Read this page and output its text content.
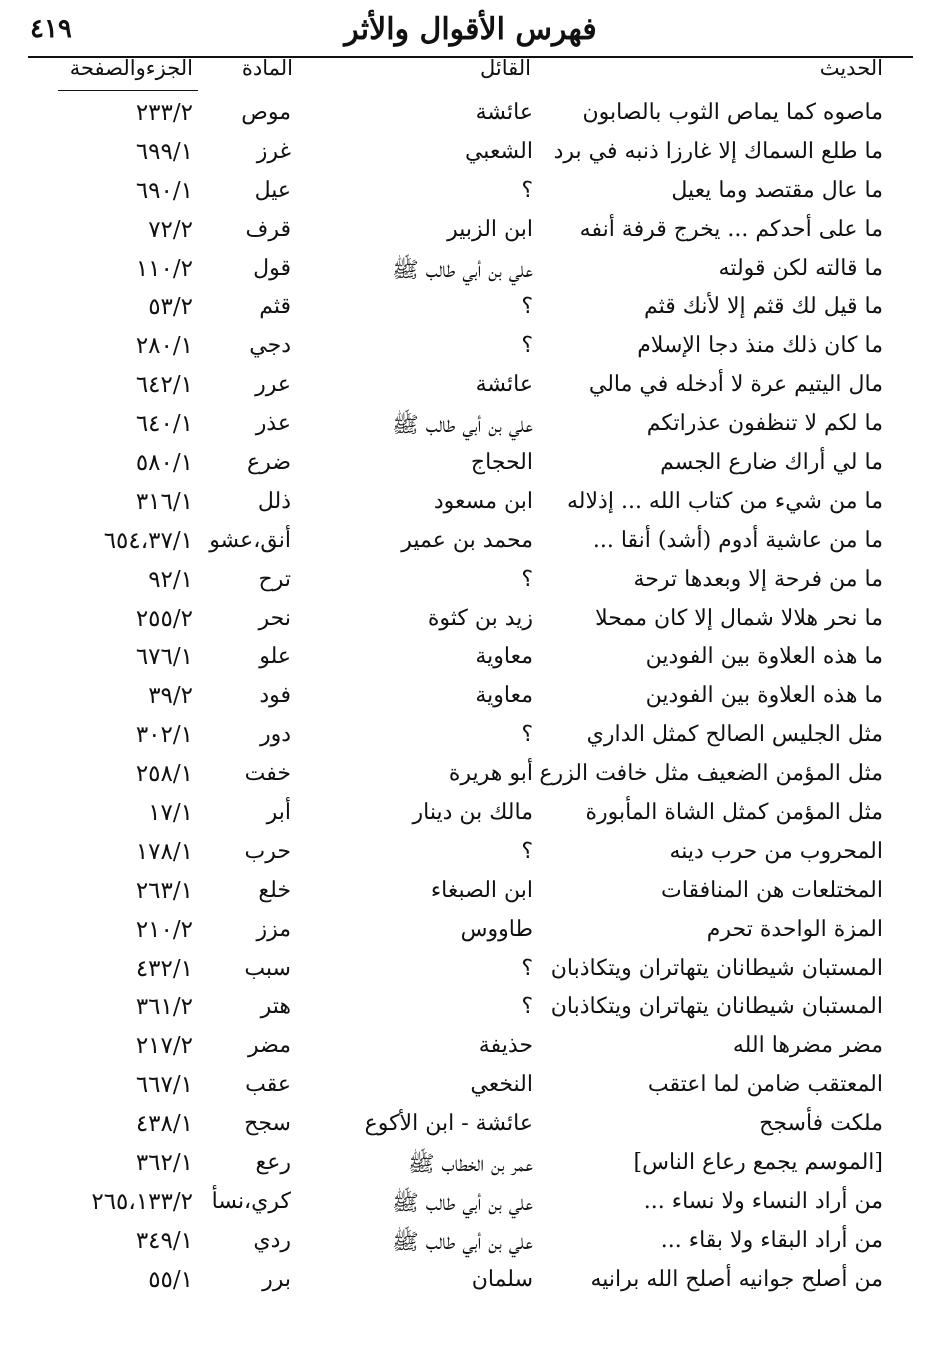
٤١٩	فهرس الأقوال والأثر
الحديث
القائل
المادة
الجزءوالصفحة
ماصوه كما يماص الثوب بالصابون
عائشة
موص
٢٣٣/٢
ما طلع السماك إلا غارزا ذنبه في برد
الشعبي
غرز
٦٩٩/١
ما عال مقتصد وما يعيل
؟
عيل
٦٩٠/١
ما على أحدكم ... يخرج قرفة أنفه
ابن الزبير
قرف
٧٢/٢
ما قالته لكن قولته
علي بن أبي طالب ﷺ
قول
١١٠/٢
ما قيل لك قثم إلا لأنك قثم
؟
قثم
٥٣/٢
ما كان ذلك منذ دجا الإسلام
؟
دجي
٢٨٠/١
مال اليتيم عرة لا أدخله في مالي
عائشة
عرر
٦٤٢/١
ما لكم لا تنظفون عذراتكم
علي بن أبي طالب ﷺ
عذر
٦٤٠/١
ما لي أراك ضارع الجسم
الحجاج
ضرع
٥٨٠/١
ما من شيء من كتاب الله ... إذلاله
ابن مسعود
ذلل
٣١٦/١
ما من عاشية أدوم (أشد) أنقا ...
محمد بن عمير
أنق،عشو
٦٥٤،٣٧/١
ما من فرحة إلا وبعدها ترحة
؟
ترح
٩٢/١
ما نحر هلالا شمال إلا كان ممحلا
زيد بن كثوة
نحر
٢٥٥/٢
ما هذه العلاوة بين الفودين
معاوية
علو
٦٧٦/١
ما هذه العلاوة بين الفودين
معاوية
فود
٣٩/٢
مثل الجليس الصالح كمثل الداري
؟
دور
٣٠٢/١
مثل المؤمن الضعيف مثل خافت الزرع
أبو هريرة
خفت
٢٥٨/١
مثل المؤمن كمثل الشاة المأبورة
مالك بن دينار
أبر
١٧/١
المحروب من حرب دينه
؟
حرب
١٧٨/١
المختلعات هن المنافقات
ابن الصبغاء
خلع
٢٦٣/١
المزة الواحدة تحرم
طاووس
مزز
٢١٠/٢
المستبان شيطانان يتهاتران ويتكاذبان
؟
سبب
٤٣٢/١
المستبان شيطانان يتهاتران ويتكاذبان
؟
هتر
٣٦١/٢
مضر مضرها الله
حذيفة
مضر
٢١٧/٢
المعتقب ضامن لما اعتقب
النخعي
عقب
٦٦٧/١
ملكت فأسجح
عائشة - ابن الأكوع
سجح
٤٣٨/١
[الموسم يجمع رعاع الناس]
عمر بن الخطاب ﷺ
رعع
٣٦٢/١
من أراد النساء ولا نساء ...
علي بن أبي طالب ﷺ
كري،نسأ
٢٦٥،١٣٣/٢
من أراد البقاء ولا بقاء ...
علي بن أبي طالب ﷺ
ردي
٣٤٩/١
من أصلح جوانيه أصلح الله برانيه
سلمان
برر
٥٥/١
